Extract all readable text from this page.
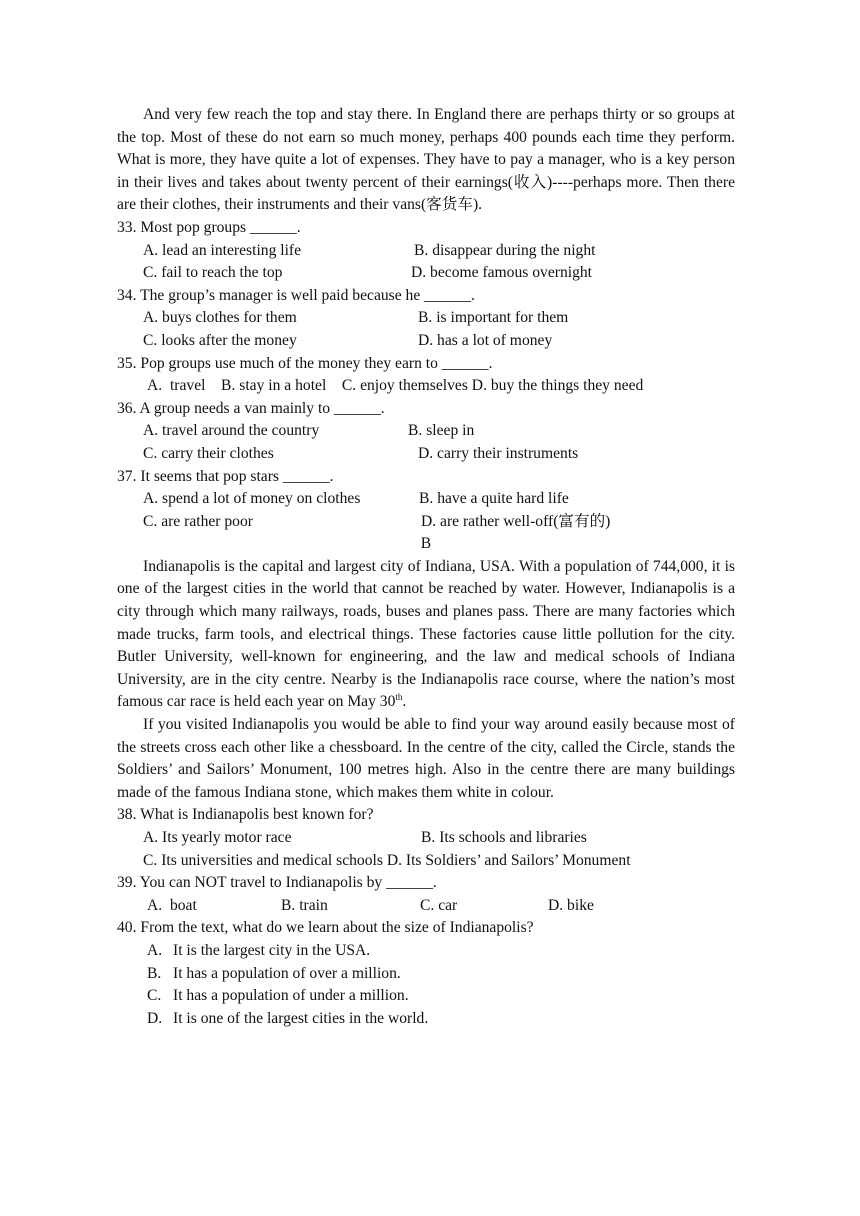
And very few reach the top and stay there. In England there are perhaps thirty or so groups at the top. Most of these do not earn so much money, perhaps 400 pounds each time they perform. What is more, they have quite a lot of expenses. They have to pay a manager, who is a key person in their lives and takes about twenty percent of their earnings(收入)----perhaps more. Then there are their clothes, their instruments and their vans(客货车).

33. Most pop groups ______.

A. lead an interesting life	B. disappear during the night
C. fail to reach the top	D. become famous overnight

34. The group’s manager is well paid because he ______.

A. buys clothes for them	B. is important for them
C. looks after the money	D. has a lot of money

35. Pop groups use much of the money they earn to ______.

A.  travel    B. stay in a hotel    C. enjoy themselves D. buy the things they need

36. A group needs a van mainly to ______.

A. travel around the country	B. sleep in
C. carry their clothes	D. carry their instruments

37. It seems that pop stars ______.

A. spend a lot of money on clothes	B. have a quite hard life
C. are rather poor	D. are rather well-off(富有的)

B

Indianapolis is the capital and largest city of Indiana, USA. With a population of 744,000, it is one of the largest cities in the world that cannot be reached by water. However, Indianapolis is a city through which many railways, roads, buses and planes pass. There are many factories which made trucks, farm tools, and electrical things. These factories cause little pollution for the city. Butler University, well-known for engineering, and the law and medical schools of Indiana University, are in the city centre. Nearby is the Indianapolis race course, where the nation’s most famous car race is held each year on May 30th.

If you visited Indianapolis you would be able to find your way around easily because most of the streets cross each other like a chessboard. In the centre of the city, called the Circle, stands the Soldiers’ and Sailors’ Monument, 100 metres high. Also in the centre there are many buildings made of the famous Indiana stone, which makes them white in colour.

38. What is Indianapolis best known for?

A. Its yearly motor race	B. Its schools and libraries
C. Its universities and medical schools D. Its Soldiers’ and Sailors’ Monument

39. You can NOT travel to Indianapolis by ______.

A.  boat	B. train	C. car	D. bike

40. From the text, what do we learn about the size of Indianapolis?

A. It is the largest city in the USA.

B. It has a population of over a million.

C. It has a population of under a million.

D. It is one of the largest cities in the world.
